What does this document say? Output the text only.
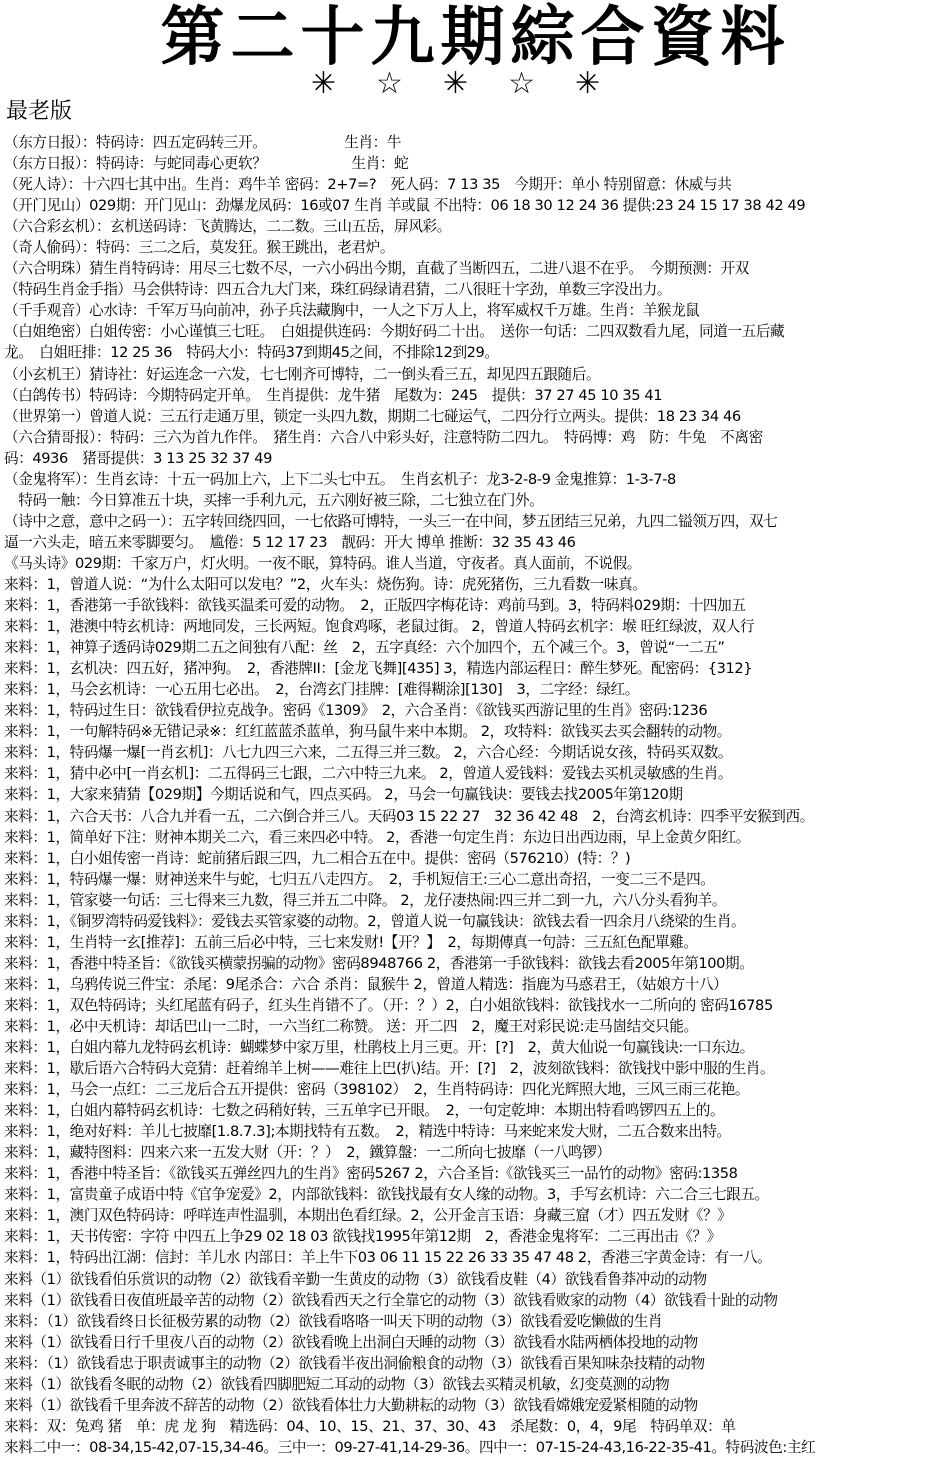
第二十九期綜合資料
✳☆✳☆✳
最老版
（东方日报）：特码诗：四五定码转三开。　　　　　　生肖：牛
（东方日报）：特码诗：与蛇同毒心更软？　　　　　　生肖：蛇
（死人诗）：十六四七其中出。生肖：鸡牛羊 密码：2+7=?　死人码：7 13 35　今期开：单小 特别留意：休威与共
（开门见山）029期：开门见山：劲爆龙凤码：16或07 生肖 羊或鼠 不出特：06 18 30 12 24 36 提供:23 24 15 17 38 42 49
（六合彩玄机）：玄机送码诗：飞黄腾达，二二数。三山五岳，屏风彩。
（奇人偷码）：特码：三二之后，莫发狂。猴王跳出，老君炉。
（六合明珠）猜生肖特码诗：用尽三七数不尽，一六小码出今期，直截了当断四五，二进八退不在乎。　今期预测：开双
（特码生肖金手指）马会供特诗：四五合九大门来，珠红码绿请君猜，二八很旺十字劲，单数三字没出力。
（千手观音）心水诗：千军万马向前冲，孙子兵法藏胸中，一人之下万人上，将军威权千万雄。生肖：羊猴龙鼠
（白姐绝密）白姐传密：小心谨慎三七旺。　白姐提供连码：今期好码二十出。　送你一句话：二四双数看九尾，同道一五后藏
龙。　白姐旺排：12 25 36　特码大小：特码37到期45之间，不排除12到29。
（小玄机王）猜诗社：好运连念一六发，七七刚齐可博特，二一倒头看三五，却见四五跟随后。
（白鸽传书）特码诗：今期特码定开单。　生肖提供：龙牛猪　尾数为：245　提供：37 27 45 10 35 41
（世界第一）曾道人说：三五行走通万里，锁定一头四九数，期期二七碰运气，二四分行立两头。提供：18 23 34 46
（六合猜哥报）：特码：三六为首九作伴。　猪生肖：六合八中彩头好，注意特防二四九。　特码博：鸡　防：牛兔　不离密
码：4936　猪哥提供：3 13 25 32 37 49
（金鬼将军）：生肖玄诗：十五一码加上六，上下二头七中五。　生肖玄机子：龙3-2-8-9 金鬼推算：1-3-7-8
　特码一触：今日算准五十块，买摔一手利九元，五六刚好被三除，二七独立在门外。
（诗中之意，意中之码一）：五字转回绕四回，一七依路可博特，一头三一在中间，梦五团结三兄弟，九四二镒领万四，双七
逼一六头走，暗五来零脚要匀。　尴倦：5 12 17 23　靓码：开大 博单 推断：32 35 43 46
《马头诗》029期：千家万户，灯火明。一夜不眠，算特码。谁人当道，守夜者。真人面前，不说假。
来料：1，曾道人说：“为什么太阳可以发电？”2，火车头：烧伤狗。诗：虎死猪伤，三九看数一味真。
来料：1，香港第一手欲钱料：欲钱买温柔可爱的动物。　2，正版四字梅花诗：鸡前马到。3，特码料029期：十四加五
来料：1，港澳中特玄机诗：两地同发，三长两短。饱食鸡啄，老鼠过街。 2，曾道人特码玄机字：堠 旺红绿波，双人行
来料：1，神算子透码诗029期二五之间独有八配：丝　2，五字真经：六个加四个，五个减三个。3，曾说“一二五”
来料：1，玄机决：四五好，猪冲狗。　2，香港牌II：[金龙飞舞][435] 3，精选内部运程日：醉生梦死。配密码：{312}
来料：1，马会玄机诗：一心五用七必出。　2，台湾玄门挂牌：[难得糊涂][130]　3，二字经：绿红。
来料：1，特码过生日：欲钱看伊拉克战争。密码《1309》　2，六合圣肖：《欲钱买西游记里的生肖》密码:1236
来料：1，一句解特码※无错记录※：红红蓝蓝杀蓝单，狗马鼠牛来中本期。 2，攻特料：欲钱买去买会翻转的动物。
来料：1，特码爆一爆[一肖玄机]：八七九四三六来，二五得三并三数。 2，六合心经：今期话说女孩，特码买双数。
来料：1，猜中必中[一肖玄机]：二五得码三七跟，二六中特三九来。 2，曾道人爱钱料：爱钱去买机灵敏感的生肖。
来料：1，大家来猜猜【029期】今期话说和气，四点买码。 2，马会一句赢钱诀：要钱去找2005年第120期
来料：1，六合天书：八合九并看一五，二六倒合并三八。天码03 15 22 27　32 36 42 48　2，台湾玄机诗：四季平安猴到西。
来料：1，简单好下注：财神本期关二六，看三来四必中特。 2，香港一句定生肖：东边日出西边雨，早上金黄夕阳红。
来料：1，白小姐传密一肖诗：蛇前猪后跟三四，九二相合五在中。提供：密码（576210）(特：？)
来料：1，特码爆一爆：财神送来牛与蛇，七归五八走四方。　2，手机短信王:三心二意出奇招，一变二三不是四。
来料：1，管家婆一句话：三七得来三九数，得三并五二中降。 2，龙仔凄热闹:四三并二到一九，六八分头看狗羊。
来料：1，《铜罗湾特码爱钱料》：爱钱去买管家婆的动物。2，曾道人说一句赢钱诀：欲钱去看一四余月八绕梁的生肖。
来料：1，生肖特一玄[推荐]：五前三后必中特，三七来发财!【开？】　2，每期傳真一句詩：三五紅色配單雞。
来料：1，香港中特圣旨：《欲钱买横蒙拐骗的动物》密码8948766 2，香港第一手欲钱料：欲钱去看2005年第100期。
来料：1，乌鸦传说三件宝：杀尾：9尾杀合：六合 杀肖：鼠猴牛 2，曾道人精选：指鹿为马惑君王，（姑娘方十八）
来料：1，双色特码诗；头红尾蓝有码子，红头生肖错不了。（开：？）2，白小姐欲钱料：欲钱找水一二所向的 密码16785
来料：1，必中天机诗：却话巴山一二时，一六当红二称赞。 送：开二四　2，魔王对彩民说:走马崮结交只能。
来料：1，白姐内幕九龙特码玄机诗：蝴蝶梦中家万里，杜鹃枝上月三更。开：[?]　2，黄大仙说一句赢钱诀:一口东边。
来料：1，歇后语六合特码大竞猜：赶着绵羊上树——难往上巴(扒)结。开：[?]　2，波刻欲钱料：欲钱找中影中服的生肖。
来料：1，马会一点红：二三龙后合五开提供：密码（398102）　2，生肖特码诗：四化光辉照大地，三风三雨三花艳。
来料：1，白姐内幕特码玄机诗：七数之码稍好转，三五单字已开眼。　2，一句定乾坤：本期出特看鸣锣四五上的。
来料：1，绝对好料：羊儿七披靡[1.8.7.3];本期找特有五数。　2，精选中特诗：马来蛇来发大财，二五合数来出特。
来料：1，藏特图料：四来六来一五发大财（开：？）　2，鐵算盤：一二所向七披靡（一八鸣锣）
来料：1，香港中特圣旨：《欲钱买五弹丝四九的生肖》密码5267 2，六合圣旨:《欲钱买三一品竹的动物》密码:1358
来料：1，富贵童子成语中特《官争宠爱》2，内部欲钱料：欲钱找最有女人缘的动物。3，手写玄机诗：六二合三七跟五。
来料：1，澳门双色特码诗：呼咩连声性温驯，本期出色看红绿。2，公开金言玉语：身藏三窟（才）四五发财《？》
来料：1，天书传密：字符 中四五上争29 02 18 03 欲钱找1995年第12期　2，香港金鬼将军：二三再出击《？》
来料：1，特码出江湖：信封：羊儿水 内部日：羊上牛下03 06 11 15 22 26 33 35 47 48 2，香港三字黄金诗：有一八。
来料（1）欲钱看伯乐赏识的动物（2）欲钱看辛勤一生黄皮的动物（3）欲钱看皮鞋（4）欲钱看鲁莽冲动的动物
来料（1）欲钱看日夜值班最辛苦的动物（2）欲钱看西天之行全靠它的动物（3）欲钱看败家的动物（4）欲钱看十趾的动物
来料：（1）欲钱看终日长征极劳累的动物（2）欲钱看咯咯一叫天下明的动物（3）欲钱看爱吃懒做的生肖
来料（1）欲钱看日行千里夜八百的动物（2）欲钱看晚上出洞白天睡的动物（3）欲钱看水陆两栖体投地的动物
来料：（1）欲钱看忠于职责诚事主的动物（2）欲钱看半夜出洞偷粮食的动物（3）欲钱看百果知味杂技精的动物
来料（1）欲钱看冬眠的动物（2）欲钱看四脚肥短二耳动的动物（3）欲钱去买精灵机敏，幻变莫测的动物
来料（1）欲钱看千里奔波不辞苦的动物（2）欲钱看体壮力大勤耕耘的动物（3）欲钱看嫦娥宠爱紧相随的动物
来料：双：兔鸡 猪　单：虎 龙 狗　精选码：04、10、15、21、37、30、43　杀尾数：0，4，9尾　特码单双：单
来料二中一：08-34,15-42,07-15,34-46。三中一：09-27-41,14-29-36。四中一：07-15-24-43,16-22-35-41。特码波色:主红
